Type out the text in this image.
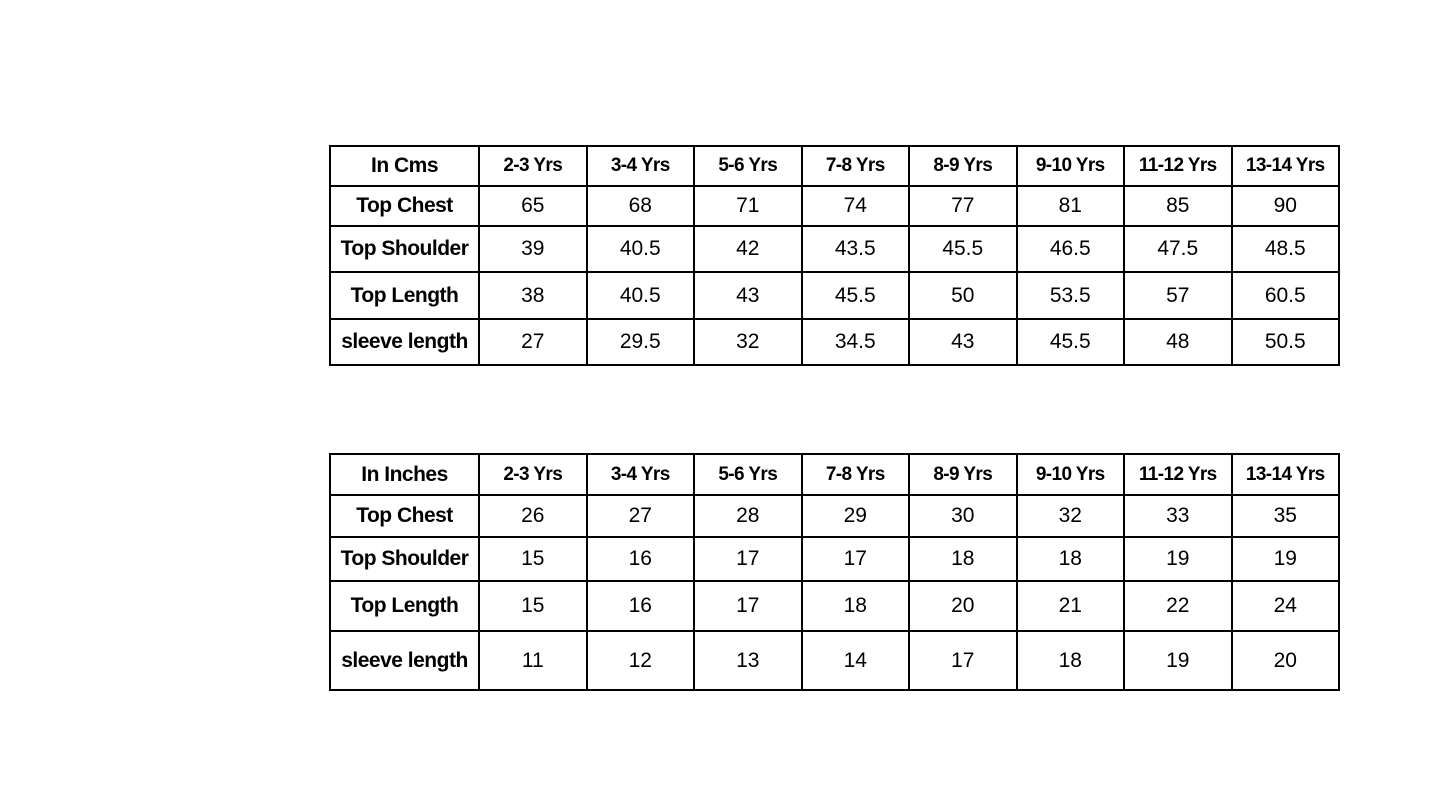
In Cms	2-3 Yrs	3-4 Yrs	5-6 Yrs	7-8 Yrs	8-9 Yrs	9-10 Yrs	11-12 Yrs	13-14 Yrs
Top Chest	65	68	71	74	77	81	85	90
Top Shoulder	39	40.5	42	43.5	45.5	46.5	47.5	48.5
Top Length	38	40.5	43	45.5	50	53.5	57	60.5
sleeve length	27	29.5	32	34.5	43	45.5	48	50.5
In Inches	2-3 Yrs	3-4 Yrs	5-6 Yrs	7-8 Yrs	8-9 Yrs	9-10 Yrs	11-12 Yrs	13-14 Yrs
Top Chest	26	27	28	29	30	32	33	35
Top Shoulder	15	16	17	17	18	18	19	19
Top Length	15	16	17	18	20	21	22	24
sleeve length	11	12	13	14	17	18	19	20
